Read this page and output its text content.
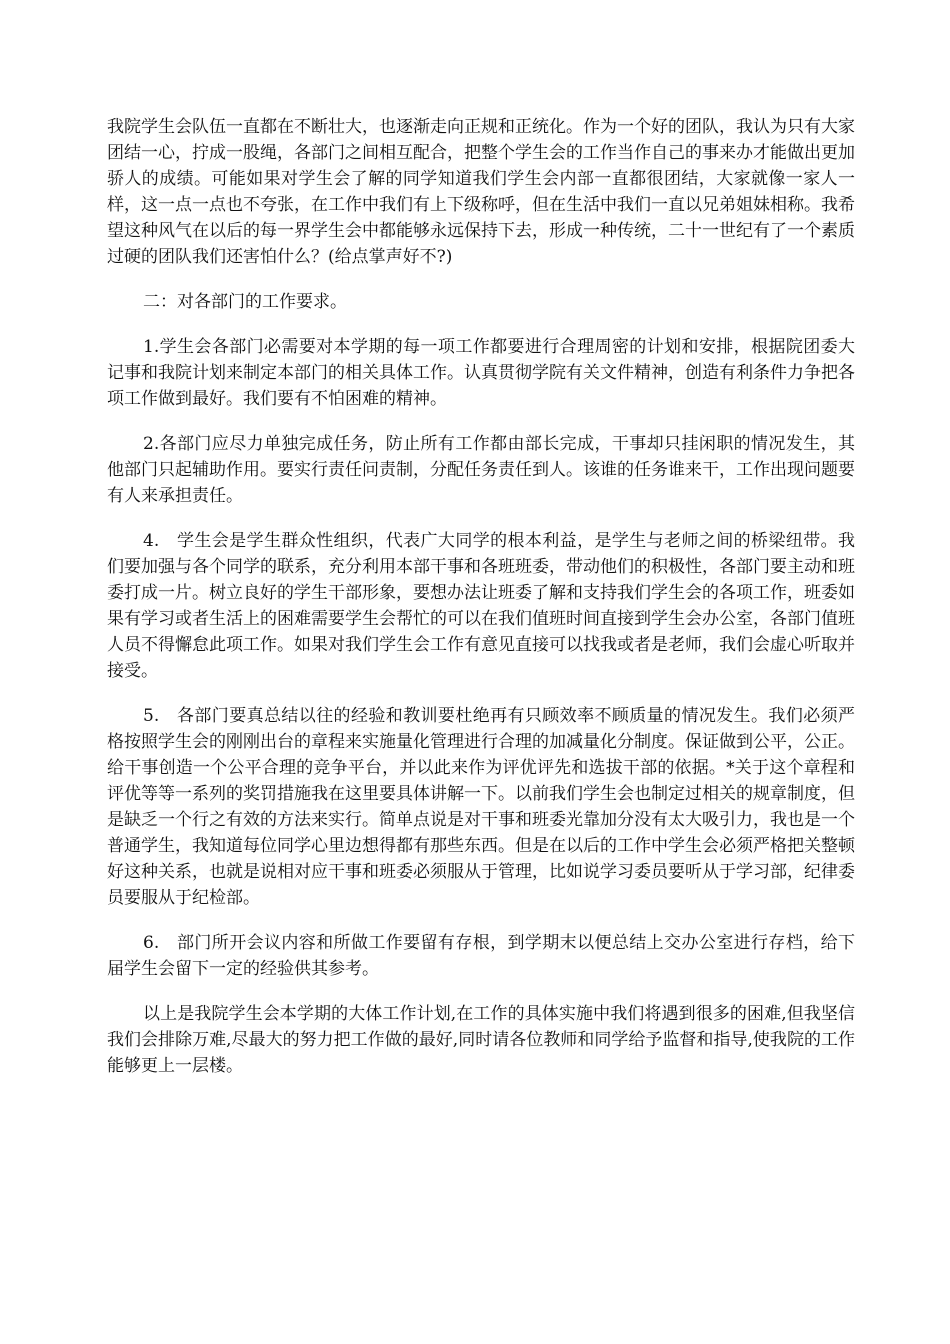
我院学生会队伍一直都在不断壮大，也逐渐走向正规和正统化。作为一个好的团队，我认为只有大家团结一心，拧成一股绳，各部门之间相互配合，把整个学生会的工作当作自己的事来办才能做出更加骄人的成绩。可能如果对学生会了解的同学知道我们学生会内部一直都很团结，大家就像一家人一样，这一点一点也不夸张，在工作中我们有上下级称呼，但在生活中我们一直以兄弟姐妹相称。我希望这种风气在以后的每一界学生会中都能够永远保持下去，形成一种传统，二十一世纪有了一个素质过硬的团队我们还害怕什么？(给点掌声好不?)

二：对各部门的工作要求。

1.学生会各部门必需要对本学期的每一项工作都要进行合理周密的计划和安排，根据院团委大记事和我院计划来制定本部门的相关具体工作。认真贯彻学院有关文件精神，创造有利条件力争把各项工作做到最好。我们要有不怕困难的精神。

2.各部门应尽力单独完成任务，防止所有工作都由部长完成，干事却只挂闲职的情况发生，其他部门只起辅助作用。要实行责任问责制，分配任务责任到人。该谁的任务谁来干，工作出现问题要有人来承担责任。

4.　学生会是学生群众性组织，代表广大同学的根本利益，是学生与老师之间的桥梁纽带。我们要加强与各个同学的联系，充分利用本部干事和各班班委，带动他们的积极性，各部门要主动和班委打成一片。树立良好的学生干部形象，要想办法让班委了解和支持我们学生会的各项工作，班委如果有学习或者生活上的困难需要学生会帮忙的可以在我们值班时间直接到学生会办公室，各部门值班人员不得懈怠此项工作。如果对我们学生会工作有意见直接可以找我或者是老师，我们会虚心听取并接受。

5.　各部门要真总结以往的经验和教训要杜绝再有只顾效率不顾质量的情况发生。我们必须严格按照学生会的刚刚出台的章程来实施量化管理进行合理的加减量化分制度。保证做到公平，公正。给干事创造一个公平合理的竞争平台，并以此来作为评优评先和选拔干部的依据。*关于这个章程和评优等等一系列的奖罚措施我在这里要具体讲解一下。以前我们学生会也制定过相关的规章制度，但是缺乏一个行之有效的方法来实行。简单点说是对干事和班委光靠加分没有太大吸引力，我也是一个普通学生，我知道每位同学心里边想得都有那些东西。但是在以后的工作中学生会必须严格把关整顿好这种关系，也就是说相对应干事和班委必须服从于管理，比如说学习委员要听从于学习部，纪律委员要服从于纪检部。

6.　部门所开会议内容和所做工作要留有存根，到学期末以便总结上交办公室进行存档，给下届学生会留下一定的经验供其参考。

以上是我院学生会本学期的大体工作计划,在工作的具体实施中我们将遇到很多的困难,但我坚信我们会排除万难,尽最大的努力把工作做的最好,同时请各位教师和同学给予监督和指导,使我院的工作能够更上一层楼。
